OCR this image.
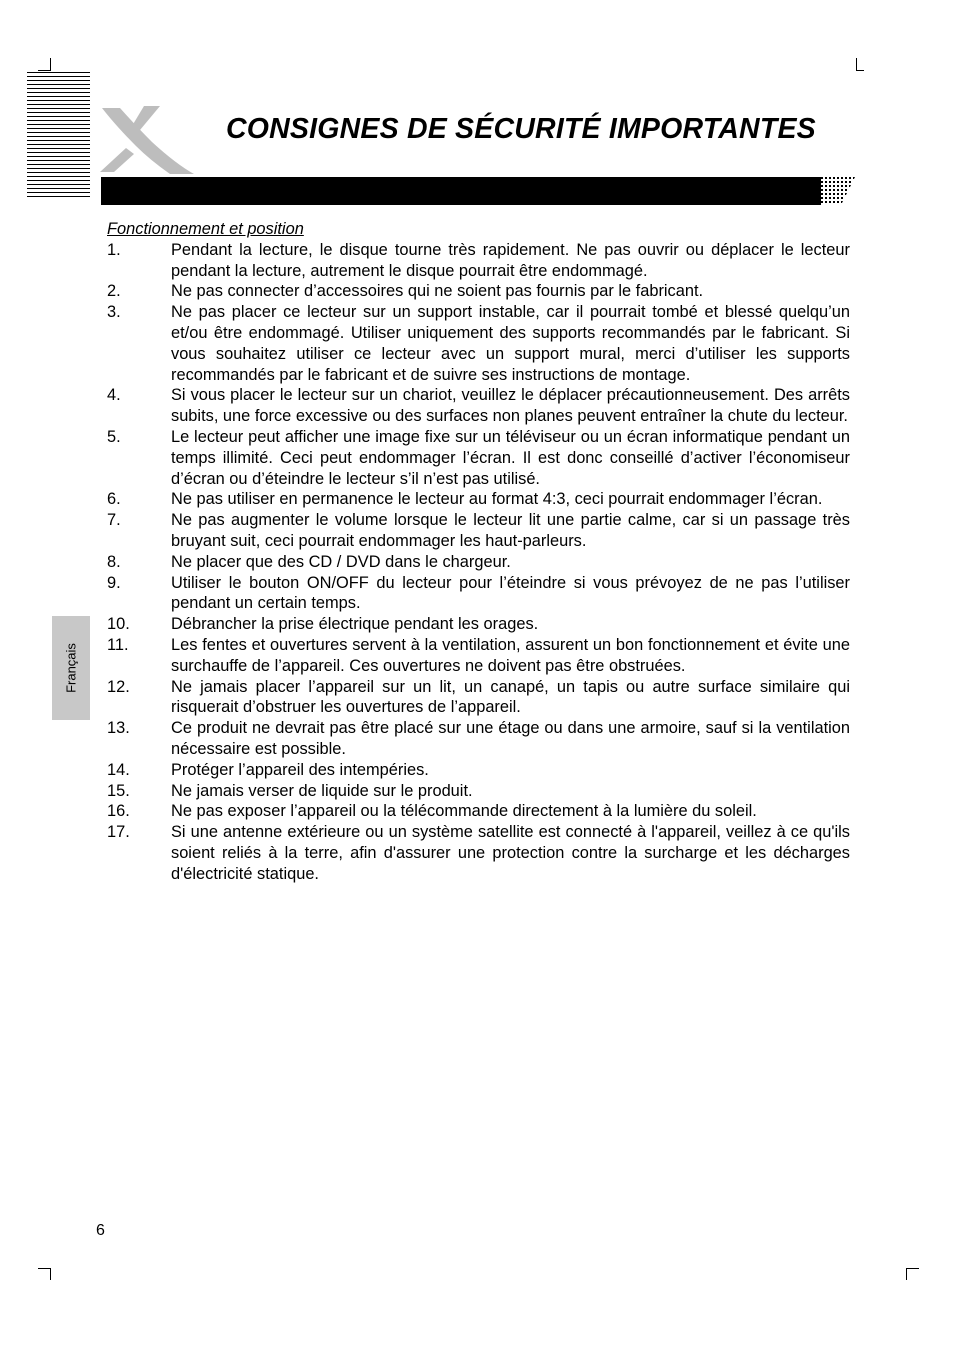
CONSIGNES DE SÉCURITÉ IMPORTANTES
Français

Fonctionnement et position

1.	Pendant la lecture, le disque tourne très rapidement. Ne pas ouvrir ou déplacer le lecteur pendant la lecture, autrement le disque pourrait être endommagé.
2.	Ne pas connecter d’accessoires qui ne soient pas fournis par le fabricant.
3.	Ne pas placer ce lecteur sur un support instable, car il pourrait tombé et blessé quelqu’un et/ou être endommagé. Utiliser uniquement des supports recommandés par le fabricant. Si vous souhaitez utiliser ce lecteur avec un support mural, merci d’utiliser les supports recommandés par le fabricant et de suivre ses instructions de montage.
4.	Si vous placer le lecteur sur un chariot, veuillez le déplacer précautionneusement. Des arrêts subits, une force excessive ou des surfaces non planes peuvent entraîner la chute du lecteur.
5.	Le lecteur peut afficher une image fixe sur un téléviseur ou un écran informatique pendant un temps illimité. Ceci peut endommager l’écran. Il est donc conseillé d’activer l’économiseur d’écran ou d’éteindre le lecteur s’il n’est pas utilisé.
6.	Ne pas utiliser en permanence le lecteur au format 4:3, ceci pourrait endommager l’écran.
7.	Ne pas augmenter le volume lorsque le lecteur lit une partie calme, car si un passage très bruyant suit, ceci pourrait endommager les haut-parleurs.
8.	Ne placer que des CD / DVD dans le chargeur.
9.	Utiliser le bouton ON/OFF du lecteur pour l’éteindre si vous prévoyez de ne pas l’utiliser pendant un certain temps.
10.	Débrancher la prise électrique pendant les orages.
11.	Les fentes et ouvertures servent à la ventilation, assurent un bon fonctionnement et évite une surchauffe de l’appareil. Ces ouvertures ne doivent pas être obstruées.
12.	Ne jamais placer l’appareil sur un lit, un canapé, un tapis ou autre surface similaire qui risquerait d’obstruer les ouvertures de l’appareil.
13.	Ce produit ne devrait pas être placé sur une étage ou dans une armoire, sauf si la ventilation nécessaire est possible.
14.	Protéger l’appareil des intempéries.
15.	Ne jamais verser de liquide sur le produit.
16.	Ne pas exposer l’appareil ou la télécommande directement à la lumière du soleil.
17.	Si une antenne extérieure ou un système satellite est connecté à l'appareil, veillez à ce qu'ils soient reliés à la terre, afin d'assurer une protection contre la surcharge et les décharges d'électricité statique.
6
